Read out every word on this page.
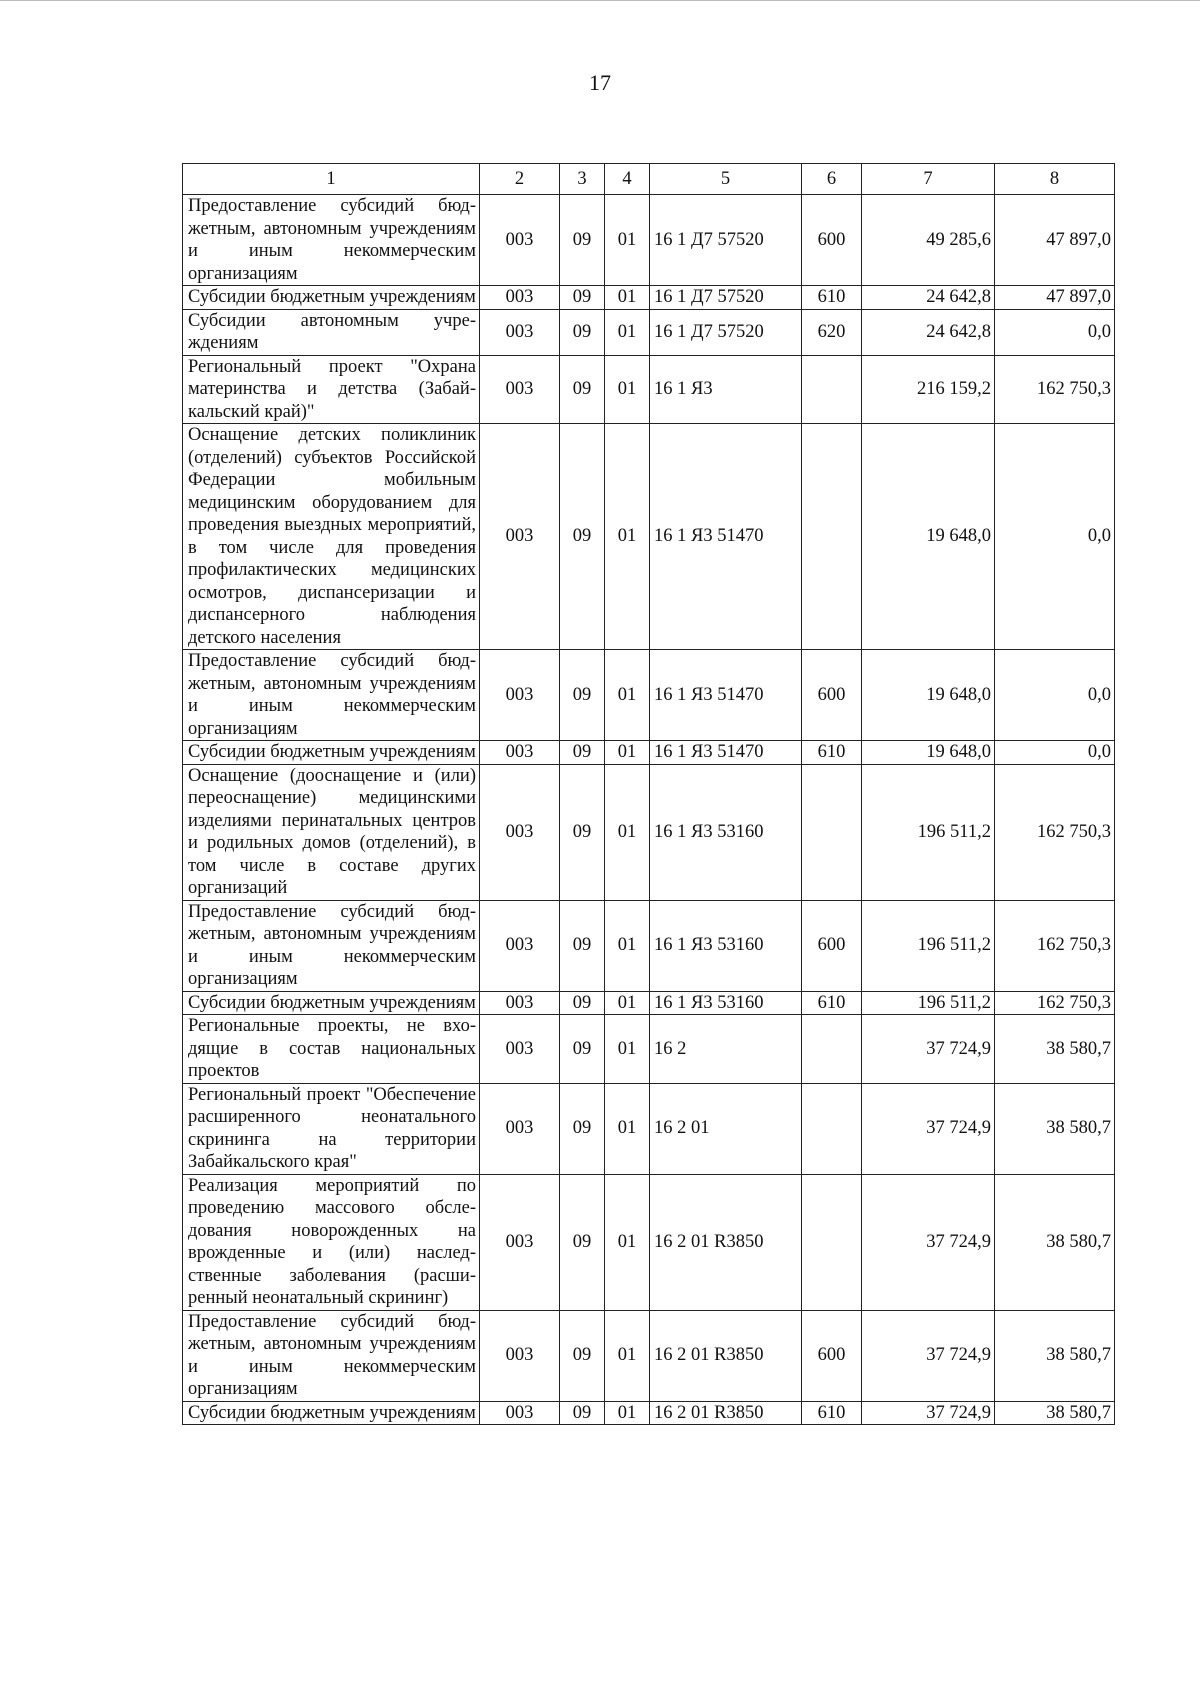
17
1	2	3	4	5	6	7	8
Предоставление субсидий бюджетным, автономным учреждениям и иным некоммерческим организациям	003	09	01	16 1 Д7 57520	600	49 285,6	47 897,0
Субсидии бюджетным учреждениям	003	09	01	16 1 Д7 57520	610	24 642,8	47 897,0
Субсидии автономным учреждениям	003	09	01	16 1 Д7 57520	620	24 642,8	0,0
Региональный проект "Охрана материнства и детства (Забайкальский край)"	003	09	01	16 1 Я3		216 159,2	162 750,3
Оснащение детских поликлиник (отделений) субъектов Российской Федерации мобильным медицинским оборудованием для проведения выездных мероприятий, в том числе для проведения профилактических медицинских осмотров, диспансеризации и диспансерного наблюдения детского населения	003	09	01	16 1 Я3 51470		19 648,0	0,0
Предоставление субсидий бюджетным, автономным учреждениям и иным некоммерческим организациям	003	09	01	16 1 Я3 51470	600	19 648,0	0,0
Субсидии бюджетным учреждениям	003	09	01	16 1 Я3 51470	610	19 648,0	0,0
Оснащение (дооснащение и (или) переоснащение) медицинскими изделиями перинатальных центров и родильных домов (отделений), в том числе в составе других организаций	003	09	01	16 1 Я3 53160		196 511,2	162 750,3
Предоставление субсидий бюджетным, автономным учреждениям и иным некоммерческим организациям	003	09	01	16 1 Я3 53160	600	196 511,2	162 750,3
Субсидии бюджетным учреждениям	003	09	01	16 1 Я3 53160	610	196 511,2	162 750,3
Региональные проекты, не входящие в состав национальных проектов	003	09	01	16 2		37 724,9	38 580,7
Региональный проект "Обеспечение расширенного неонатального скрининга на территории Забайкальского края"	003	09	01	16 2 01		37 724,9	38 580,7
Реализация мероприятий по проведению массового обследования новорожденных на врожденные и (или) наследственные заболевания (расширенный неонатальный скрининг)	003	09	01	16 2 01 R3850		37 724,9	38 580,7
Предоставление субсидий бюджетным, автономным учреждениям и иным некоммерческим организациям	003	09	01	16 2 01 R3850	600	37 724,9	38 580,7
Субсидии бюджетным учреждениям	003	09	01	16 2 01 R3850	610	37 724,9	38 580,7
